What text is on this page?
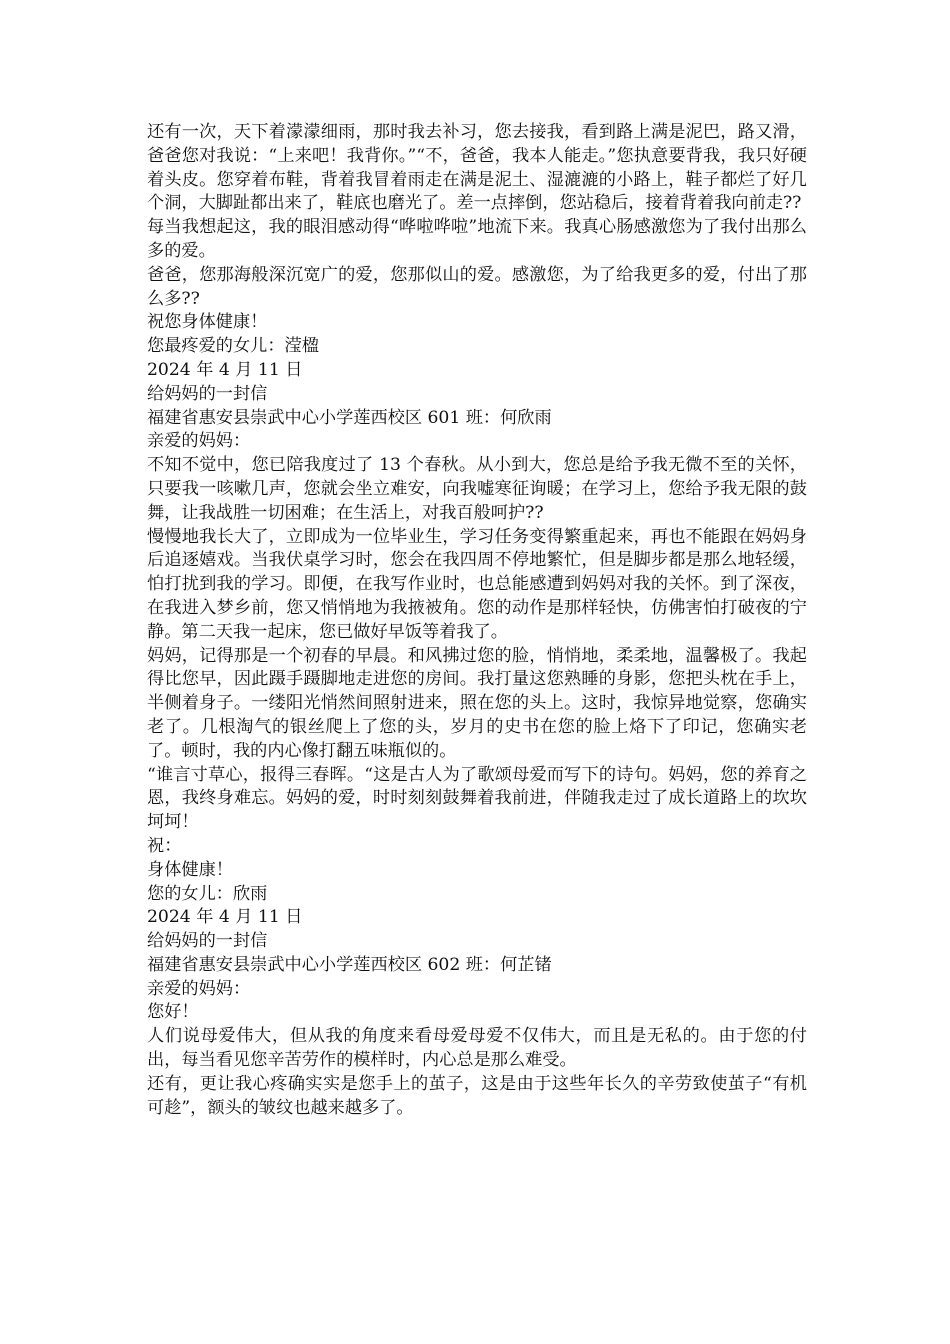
还有一次，天下着濛濛细雨，那时我去补习，您去接我，看到路上满是泥巴，路又滑，爸爸您对我说：“上来吧！我背你。”“不，爸爸，我本人能走。”您执意要背我，我只好硬着头皮。您穿着布鞋，背着我冒着雨走在满是泥土、湿漉漉的小路上，鞋子都烂了好几个洞，大脚趾都出来了，鞋底也磨光了。差一点摔倒，您站稳后，接着背着我向前走??

每当我想起这，我的眼泪感动得“哗啦哗啦”地流下来。我真心肠感激您为了我付出那么多的爱。

爸爸，您那海般深沉宽广的爱，您那似山的爱。感激您，为了给我更多的爱，付出了那么多??

祝您身体健康！

您最疼爱的女儿：滢楹

2024 年 4 月 11 日

给妈妈的一封信

福建省惠安县崇武中心小学莲西校区 601 班：何欣雨

亲爱的妈妈：

不知不觉中，您已陪我度过了 13 个春秋。从小到大，您总是给予我无微不至的关怀，只要我一咳嗽几声，您就会坐立难安，向我嘘寒征询暖；在学习上，您给予我无限的鼓舞，让我战胜一切困难；在生活上，对我百般呵护??

慢慢地我长大了，立即成为一位毕业生，学习任务变得繁重起来，再也不能跟在妈妈身后追逐嬉戏。当我伏桌学习时，您会在我四周不停地繁忙，但是脚步都是那么地轻缓，怕打扰到我的学习。即便，在我写作业时，也总能感遭到妈妈对我的关怀。到了深夜，在我进入梦乡前，您又悄悄地为我掖被角。您的动作是那样轻快，仿佛害怕打破夜的宁静。第二天我一起床，您已做好早饭等着我了。

妈妈，记得那是一个初春的早晨。和风拂过您的脸，悄悄地，柔柔地，温馨极了。我起得比您早，因此蹑手蹑脚地走进您的房间。我打量这您熟睡的身影，您把头枕在手上，半侧着身子。一缕阳光悄然间照射进来，照在您的头上。这时，我惊异地觉察，您确实老了。几根淘气的银丝爬上了您的头，岁月的史书在您的脸上烙下了印记，您确实老了。顿时，我的内心像打翻五味瓶似的。

“谁言寸草心，报得三春晖。“这是古人为了歌颂母爱而写下的诗句。妈妈，您的养育之恩，我终身难忘。妈妈的爱，时时刻刻鼓舞着我前进，伴随我走过了成长道路上的坎坎坷坷！

祝：

身体健康！

您的女儿：欣雨

2024 年 4 月 11 日

给妈妈的一封信

福建省惠安县崇武中心小学莲西校区 602 班：何芷锗

亲爱的妈妈：

您好！

人们说母爱伟大，但从我的角度来看母爱母爱不仅伟大，而且是无私的。由于您的付出，每当看见您辛苦劳作的模样时，内心总是那么难受。

还有，更让我心疼确实实是您手上的茧子，这是由于这些年长久的辛劳致使茧子“有机可趁”，额头的皱纹也越来越多了。
